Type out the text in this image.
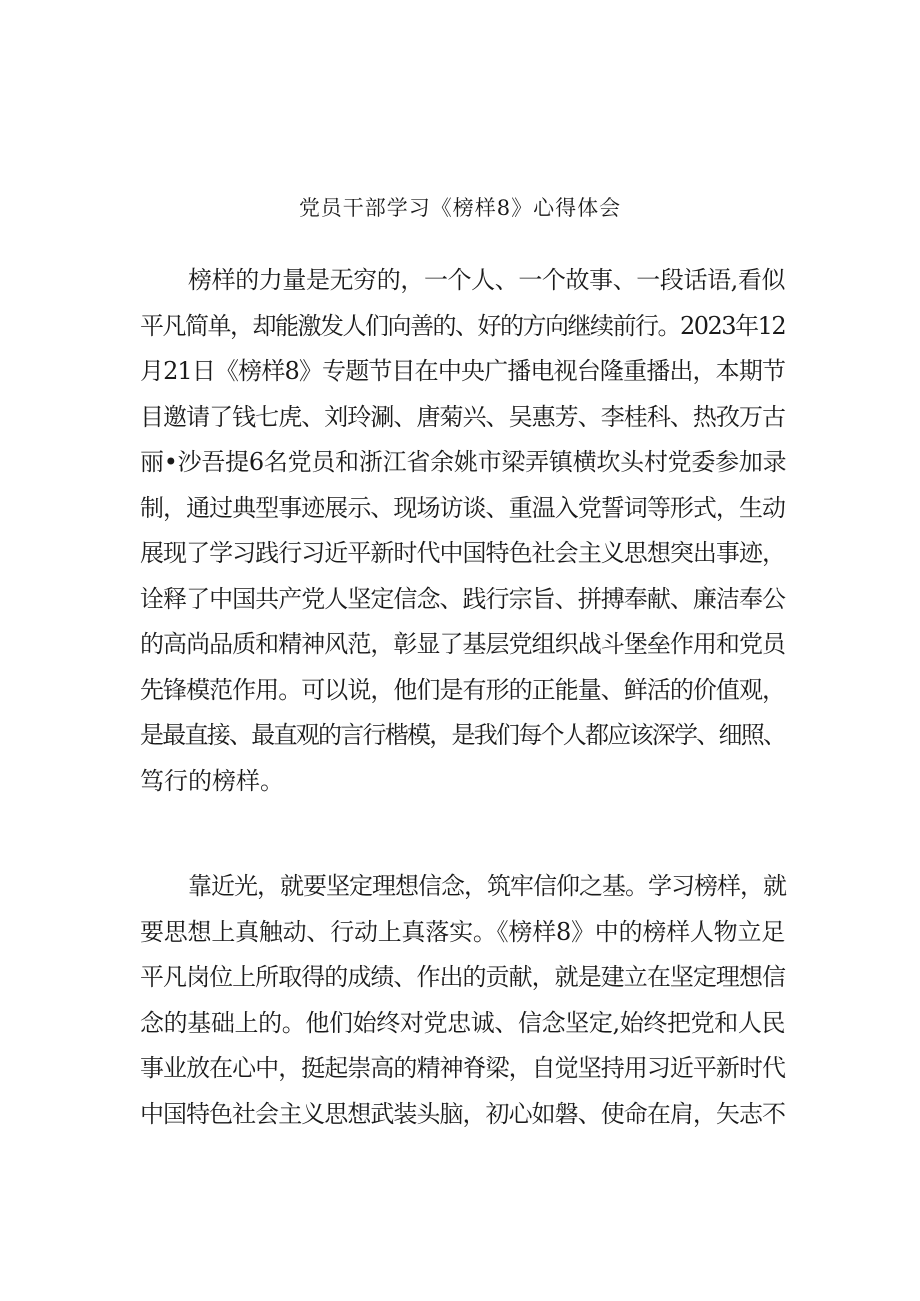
党员干部学习《榜样8》心得体会
榜样的力量是无穷的，一个人、一个故事、一段话语,看似
平凡简单，却能激发人们向善的、好的方向继续前行。2023年12
月21日《榜样8》专题节目在中央广播电视台隆重播出，本期节
目邀请了钱七虎、刘玲涮、唐菊兴、吴惠芳、李桂科、热孜万古
丽•沙吾提6名党员和浙江省余姚市梁弄镇横坎头村党委参加录
制，通过典型事迹展示、现场访谈、重温入党誓词等形式，生动
展现了学习践行习近平新时代中国特色社会主义思想突出事迹，
诠释了中国共产党人坚定信念、践行宗旨、拼搏奉献、廉洁奉公
的高尚品质和精神风范，彰显了基层党组织战斗堡垒作用和党员
先锋模范作用。可以说，他们是有形的正能量、鲜活的价值观，
是最直接、最直观的言行楷模，是我们每个人都应该深学、细照、
笃行的榜样。
靠近光，就要坚定理想信念，筑牢信仰之基。学习榜样，就
要思想上真触动、行动上真落实。《榜样8》中的榜样人物立足
平凡岗位上所取得的成绩、作出的贡献，就是建立在坚定理想信
念的基础上的。他们始终对党忠诚、信念坚定,始终把党和人民
事业放在心中，挺起崇高的精神脊梁，自觉坚持用习近平新时代
中国特色社会主义思想武装头脑，初心如磐、使命在肩，矢志不
